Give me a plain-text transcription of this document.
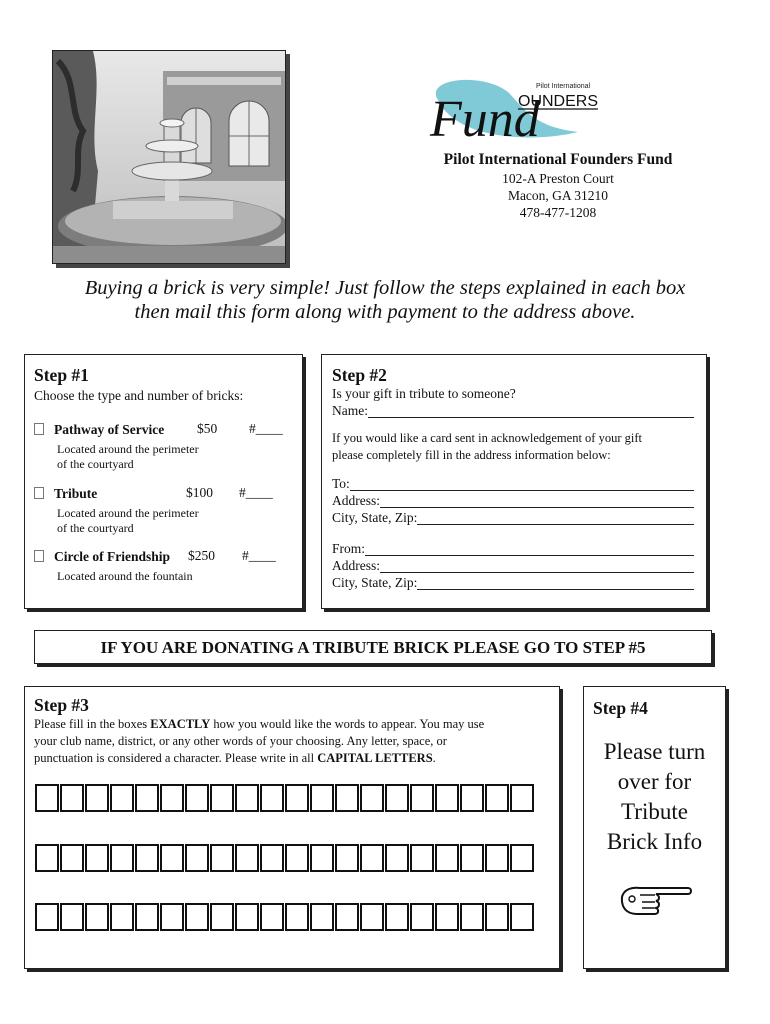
Pilot International
OUNDERS
Fund
Pilot International Founders Fund
102-A Preston Court
Macon, GA 31210
478-477-1208
Buying a brick is very simple! Just follow the steps explained in each box
then mail this form along with payment to the address above.
Step #1
Choose the type and number of bricks:
Pathway of Service $50 #____
Located around the perimeter
of the courtyard
Tribute	$100 #____
Located around the perimeter
of the courtyard
Circle of Friendship $250 #____
Located around the fountain
Step #2
Is your gift in tribute to someone?
Name:
If you would like a card sent in acknowledgement of your gift
please completely fill in the address information below:
To:
Address:
City, State, Zip:
From:
Address:
City, State, Zip:
IF YOU ARE DONATING A TRIBUTE BRICK PLEASE GO TO STEP #5
Step #3
Please fill in the boxes EXACTLY how you would like the words to appear. You may use
your club name, district, or any other words of your choosing. Any letter, space, or
punctuation is considered a character. Please write in all CAPITAL LETTERS.
Step #4
Please turn
over for
Tribute
Brick Info
